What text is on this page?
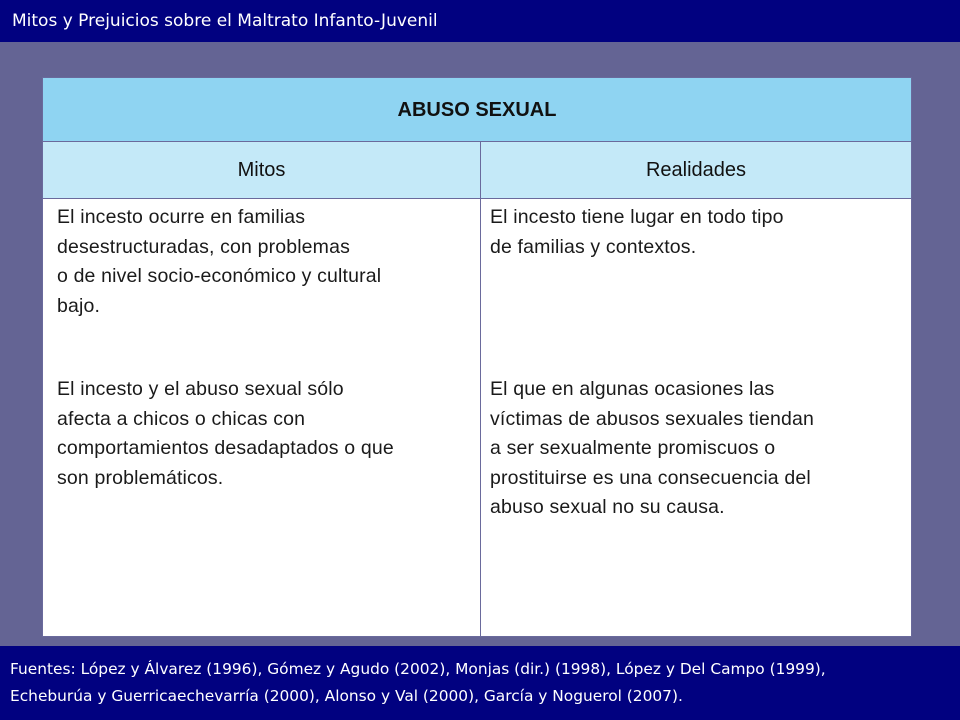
Mitos y Prejuicios sobre el Maltrato Infanto-Juvenil
ABUSO SEXUAL
Mitos	Realidades
El incesto ocurre en familias
desestructuradas, con problemas
o de nivel socio-económico y cultural
bajo.
El incesto tiene lugar en todo tipo
de familias y contextos.
El incesto y el abuso sexual sólo
afecta a chicos o chicas con
comportamientos desadaptados o que
son problemáticos.
El que en algunas ocasiones las
víctimas de abusos sexuales tiendan
a ser sexualmente promiscuos o
prostituirse es una consecuencia del
abuso sexual no su causa.
Fuentes: López y Álvarez (1996), Gómez y Agudo (2002), Monjas (dir.) (1998), López y Del Campo (1999),
Echeburúa y Guerricaechevarría (2000), Alonso y Val (2000), García y Noguerol (2007).
